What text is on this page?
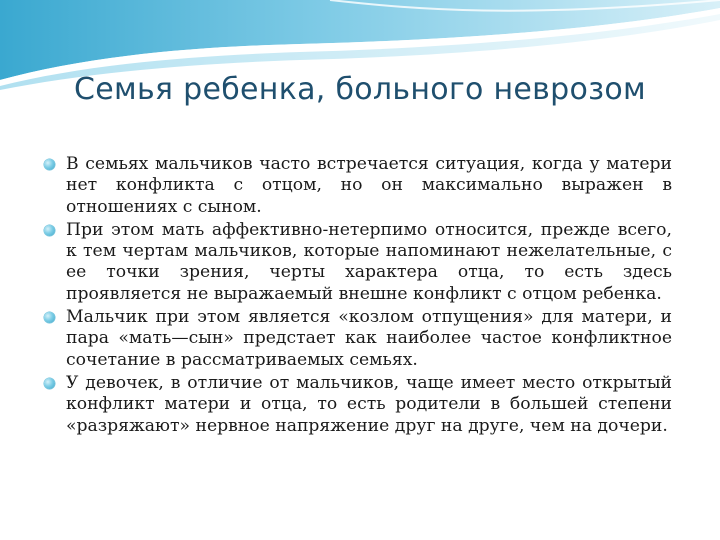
Семья ребенка, больного неврозом
В семьях мальчиков часто встречается ситуация, когда у матери нет конфликта с отцом, но он максимально выражен в отношениях с сыном.
При этом мать аффективно-нетерпимо относится, прежде всего, к тем чертам мальчиков, которые напоминают нежелательные, с ее точки зрения, черты характера отца, то есть здесь проявляется не выражаемый внешне конфликт с отцом ребенка.
Мальчик при этом является «козлом отпущения» для матери, и пара «мать—сын» предстает как наиболее частое конфликтное сочетание в рассматриваемых семьях.
У девочек, в отличие от мальчиков, чаще имеет место открытый конфликт матери и отца, то есть родители в большей степени «разряжают» нервное напряжение друг на друге, чем на дочери.
